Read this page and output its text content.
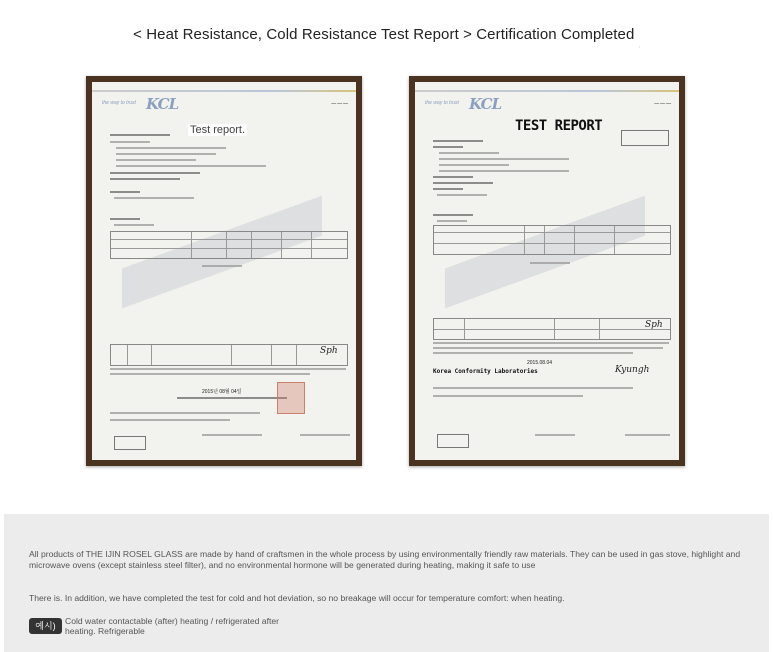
< Heat Resistance, Cold Resistance Test Report > Certification Completed$_‚$
the way to trust KCL	━━ ━━ ━━
Sph
2015년 08월 04일
Test report.
the way to trust KCL	━━ ━━ ━━
TEST REPORT
Sph
2015.08.04
Korea Conformity Laboratories	Kyungh

All products of THE IJIN ROSEL GLASS are made by hand of craftsmen in the whole process by using environmentally friendly raw materials. They can be used in gas stove, highlight and microwave ovens (except stainless steel filter), and no environmental hormone will be generated during heating, making it safe to use

There is. In addition, we have completed the test for cold and hot deviation, so no breakage will occur for temperature comfort: when heating.

예시)	Cold water contactable (after) heating / refrigerated after heating. Refrigerable
